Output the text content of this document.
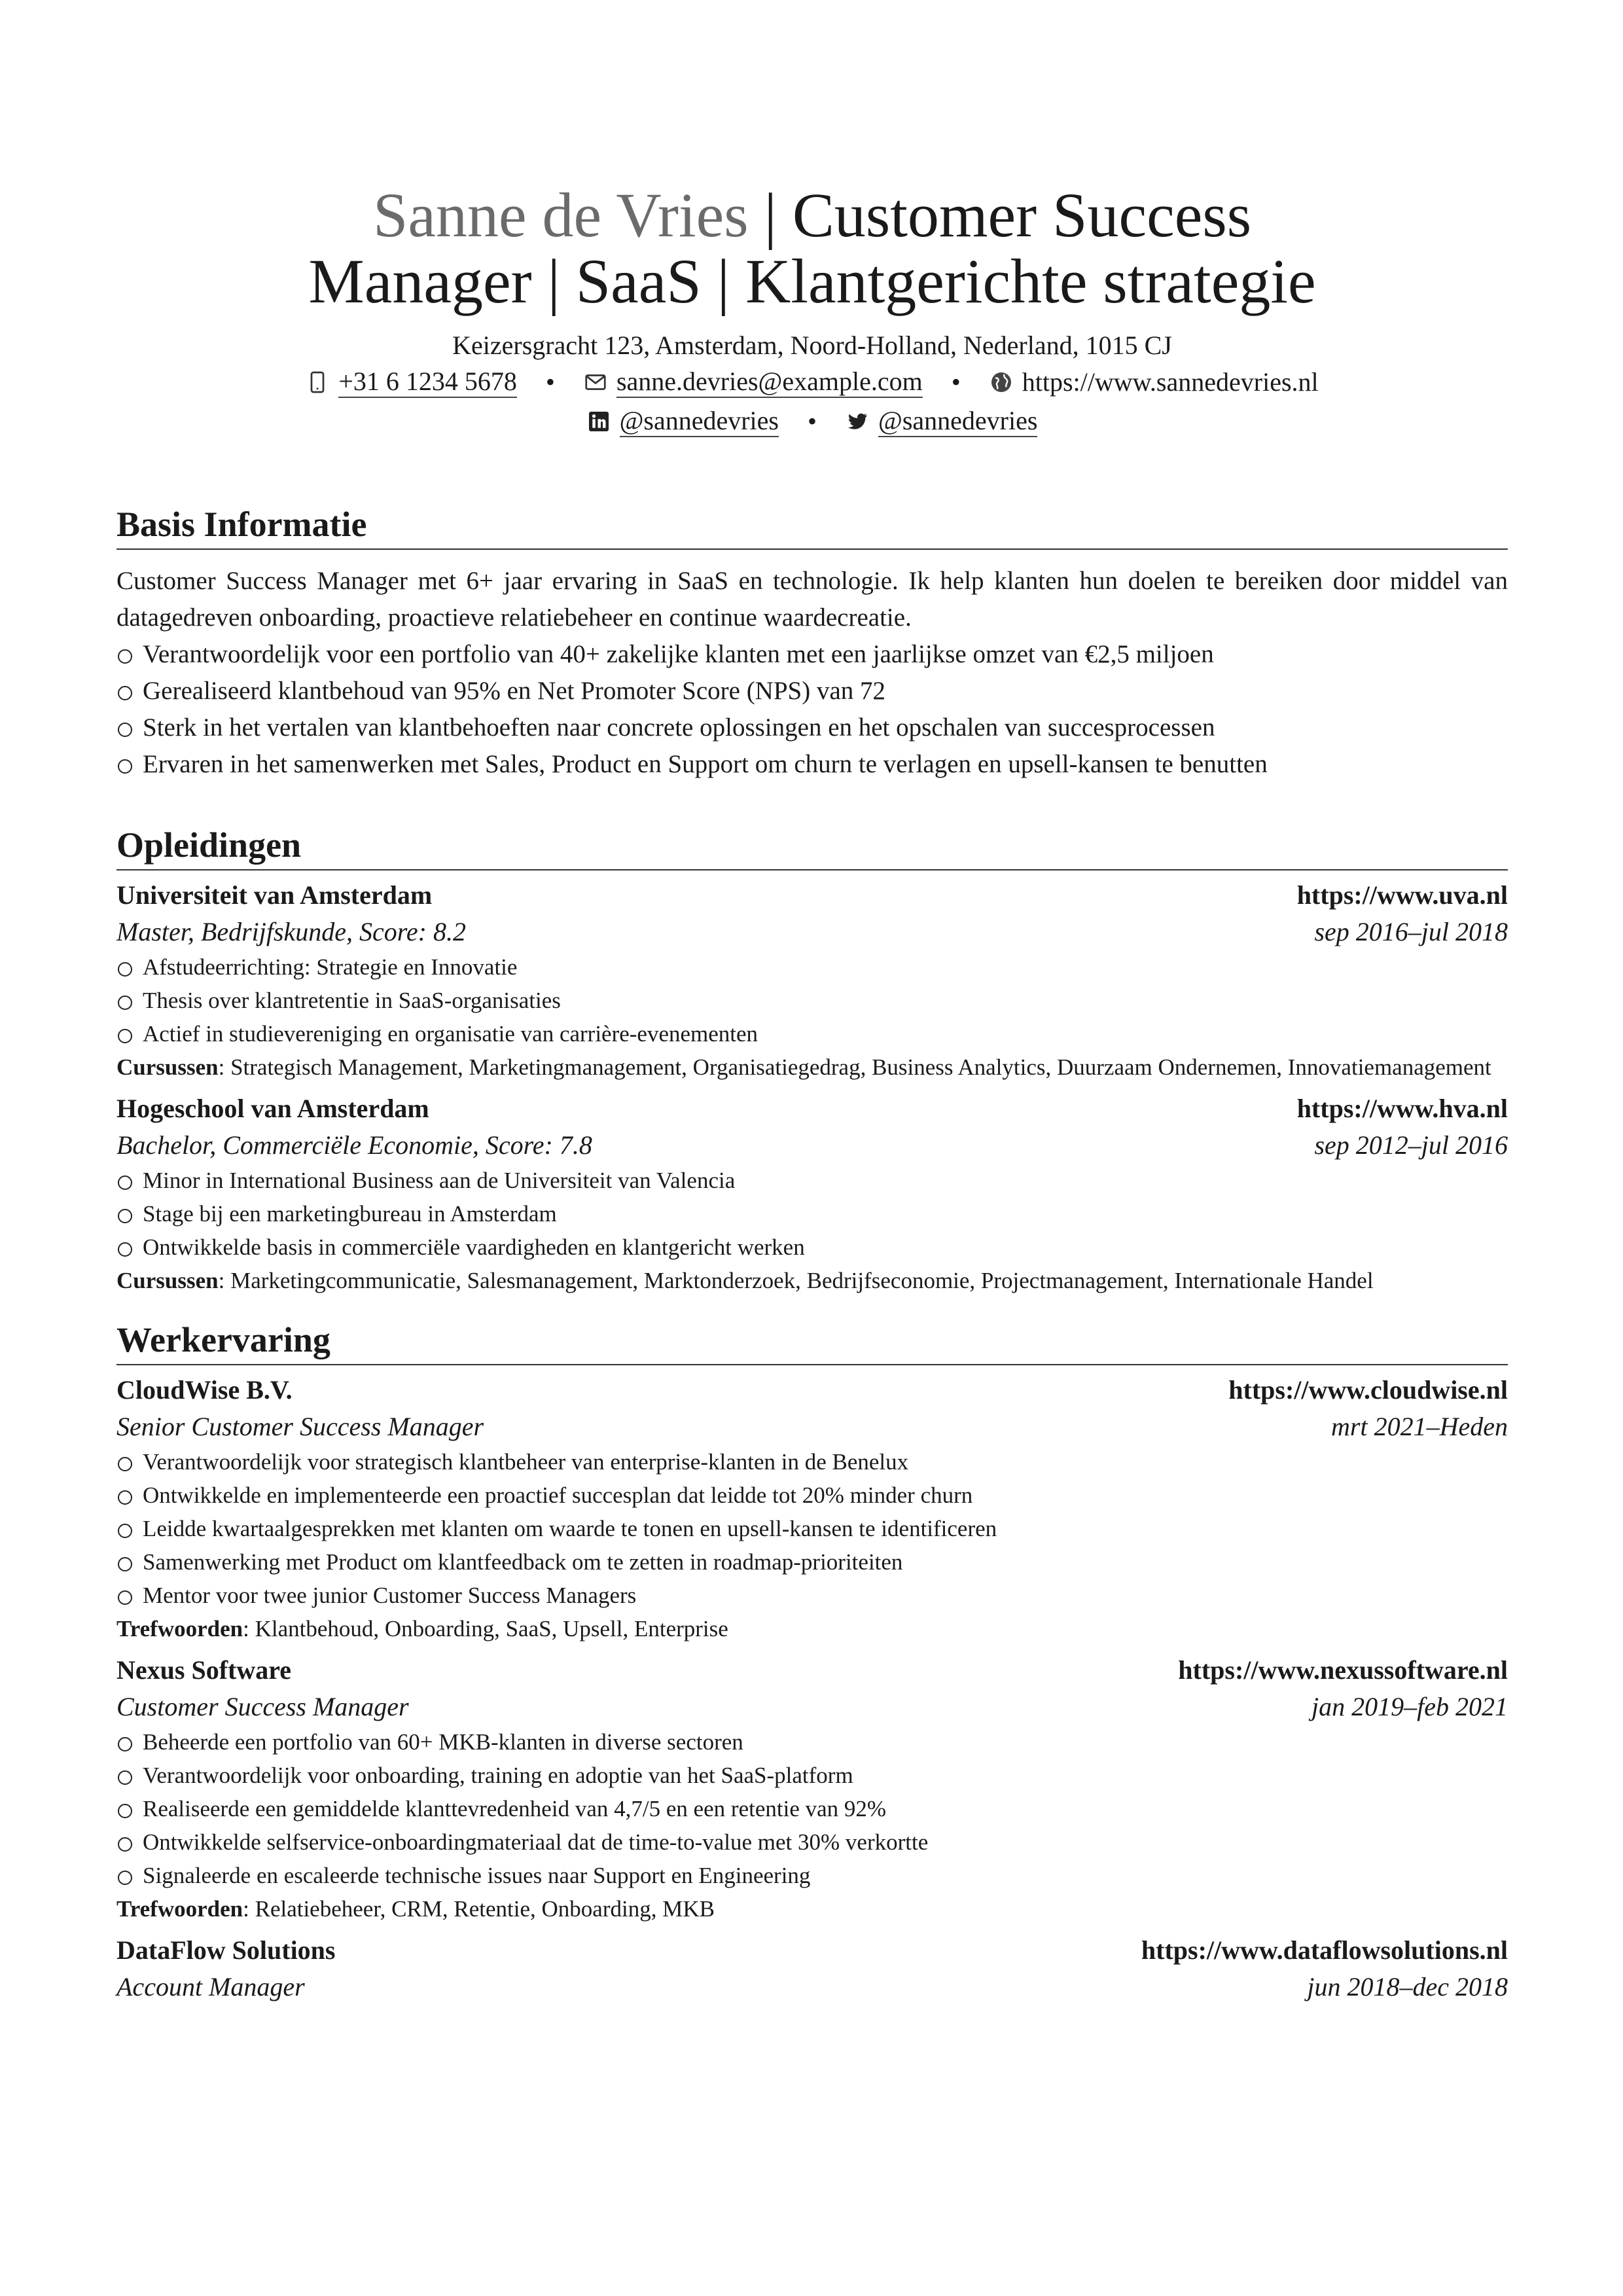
Sanne de Vries | Customer Success
Manager | SaaS | Klantgerichte strategie
Keizersgracht 123, Amsterdam, Noord-Holland, Nederland, 1015 CJ
+31 6 1234 5678 • sanne.devries@example.com • https://www.sannedevries.nl
@sannedevries • @sannedevries
Basis Informatie
Customer Success Manager met 6+ jaar ervaring in SaaS en technologie. Ik help klanten hun doelen te bereiken door middel van datagedreven onboarding, proactieve relatiebeheer en continue waardecreatie.
Verantwoordelijk voor een portfolio van 40+ zakelijke klanten met een jaarlijkse omzet van €2,5 miljoen
Gerealiseerd klantbehoud van 95% en Net Promoter Score (NPS) van 72
Sterk in het vertalen van klantbehoeften naar concrete oplossingen en het opschalen van succesprocessen
Ervaren in het samenwerken met Sales, Product en Support om churn te verlagen en upsell-kansen te benutten
Opleidingen
Universiteit van Amsterdam	https://www.uva.nl
Master, Bedrijfskunde, Score: 8.2	sep 2016–jul 2018
Afstudeerrichting: Strategie en Innovatie
Thesis over klantretentie in SaaS-organisaties
Actief in studievereniging en organisatie van carrière-evenementen
Cursussen: Strategisch Management, Marketingmanagement, Organisatiegedrag, Business Analytics, Duurzaam Ondernemen, Innovatiemanagement
Hogeschool van Amsterdam	https://www.hva.nl
Bachelor, Commerciële Economie, Score: 7.8	sep 2012–jul 2016
Minor in International Business aan de Universiteit van Valencia
Stage bij een marketingbureau in Amsterdam
Ontwikkelde basis in commerciële vaardigheden en klantgericht werken
Cursussen: Marketingcommunicatie, Salesmanagement, Marktonderzoek, Bedrijfseconomie, Projectmanagement, Internationale Handel
Werkervaring
CloudWise B.V.	https://www.cloudwise.nl
Senior Customer Success Manager	mrt 2021–Heden
Verantwoordelijk voor strategisch klantbeheer van enterprise-klanten in de Benelux
Ontwikkelde en implementeerde een proactief succesplan dat leidde tot 20% minder churn
Leidde kwartaalgesprekken met klanten om waarde te tonen en upsell-kansen te identificeren
Samenwerking met Product om klantfeedback om te zetten in roadmap-prioriteiten
Mentor voor twee junior Customer Success Managers
Trefwoorden: Klantbehoud, Onboarding, SaaS, Upsell, Enterprise
Nexus Software	https://www.nexussoftware.nl
Customer Success Manager	jan 2019–feb 2021
Beheerde een portfolio van 60+ MKB-klanten in diverse sectoren
Verantwoordelijk voor onboarding, training en adoptie van het SaaS-platform
Realiseerde een gemiddelde klanttevredenheid van 4,7/5 en een retentie van 92%
Ontwikkelde selfservice-onboardingmateriaal dat de time-to-value met 30% verkortte
Signaleerde en escaleerde technische issues naar Support en Engineering
Trefwoorden: Relatiebeheer, CRM, Retentie, Onboarding, MKB
DataFlow Solutions	https://www.dataflowsolutions.nl
Account Manager	jun 2018–dec 2018
